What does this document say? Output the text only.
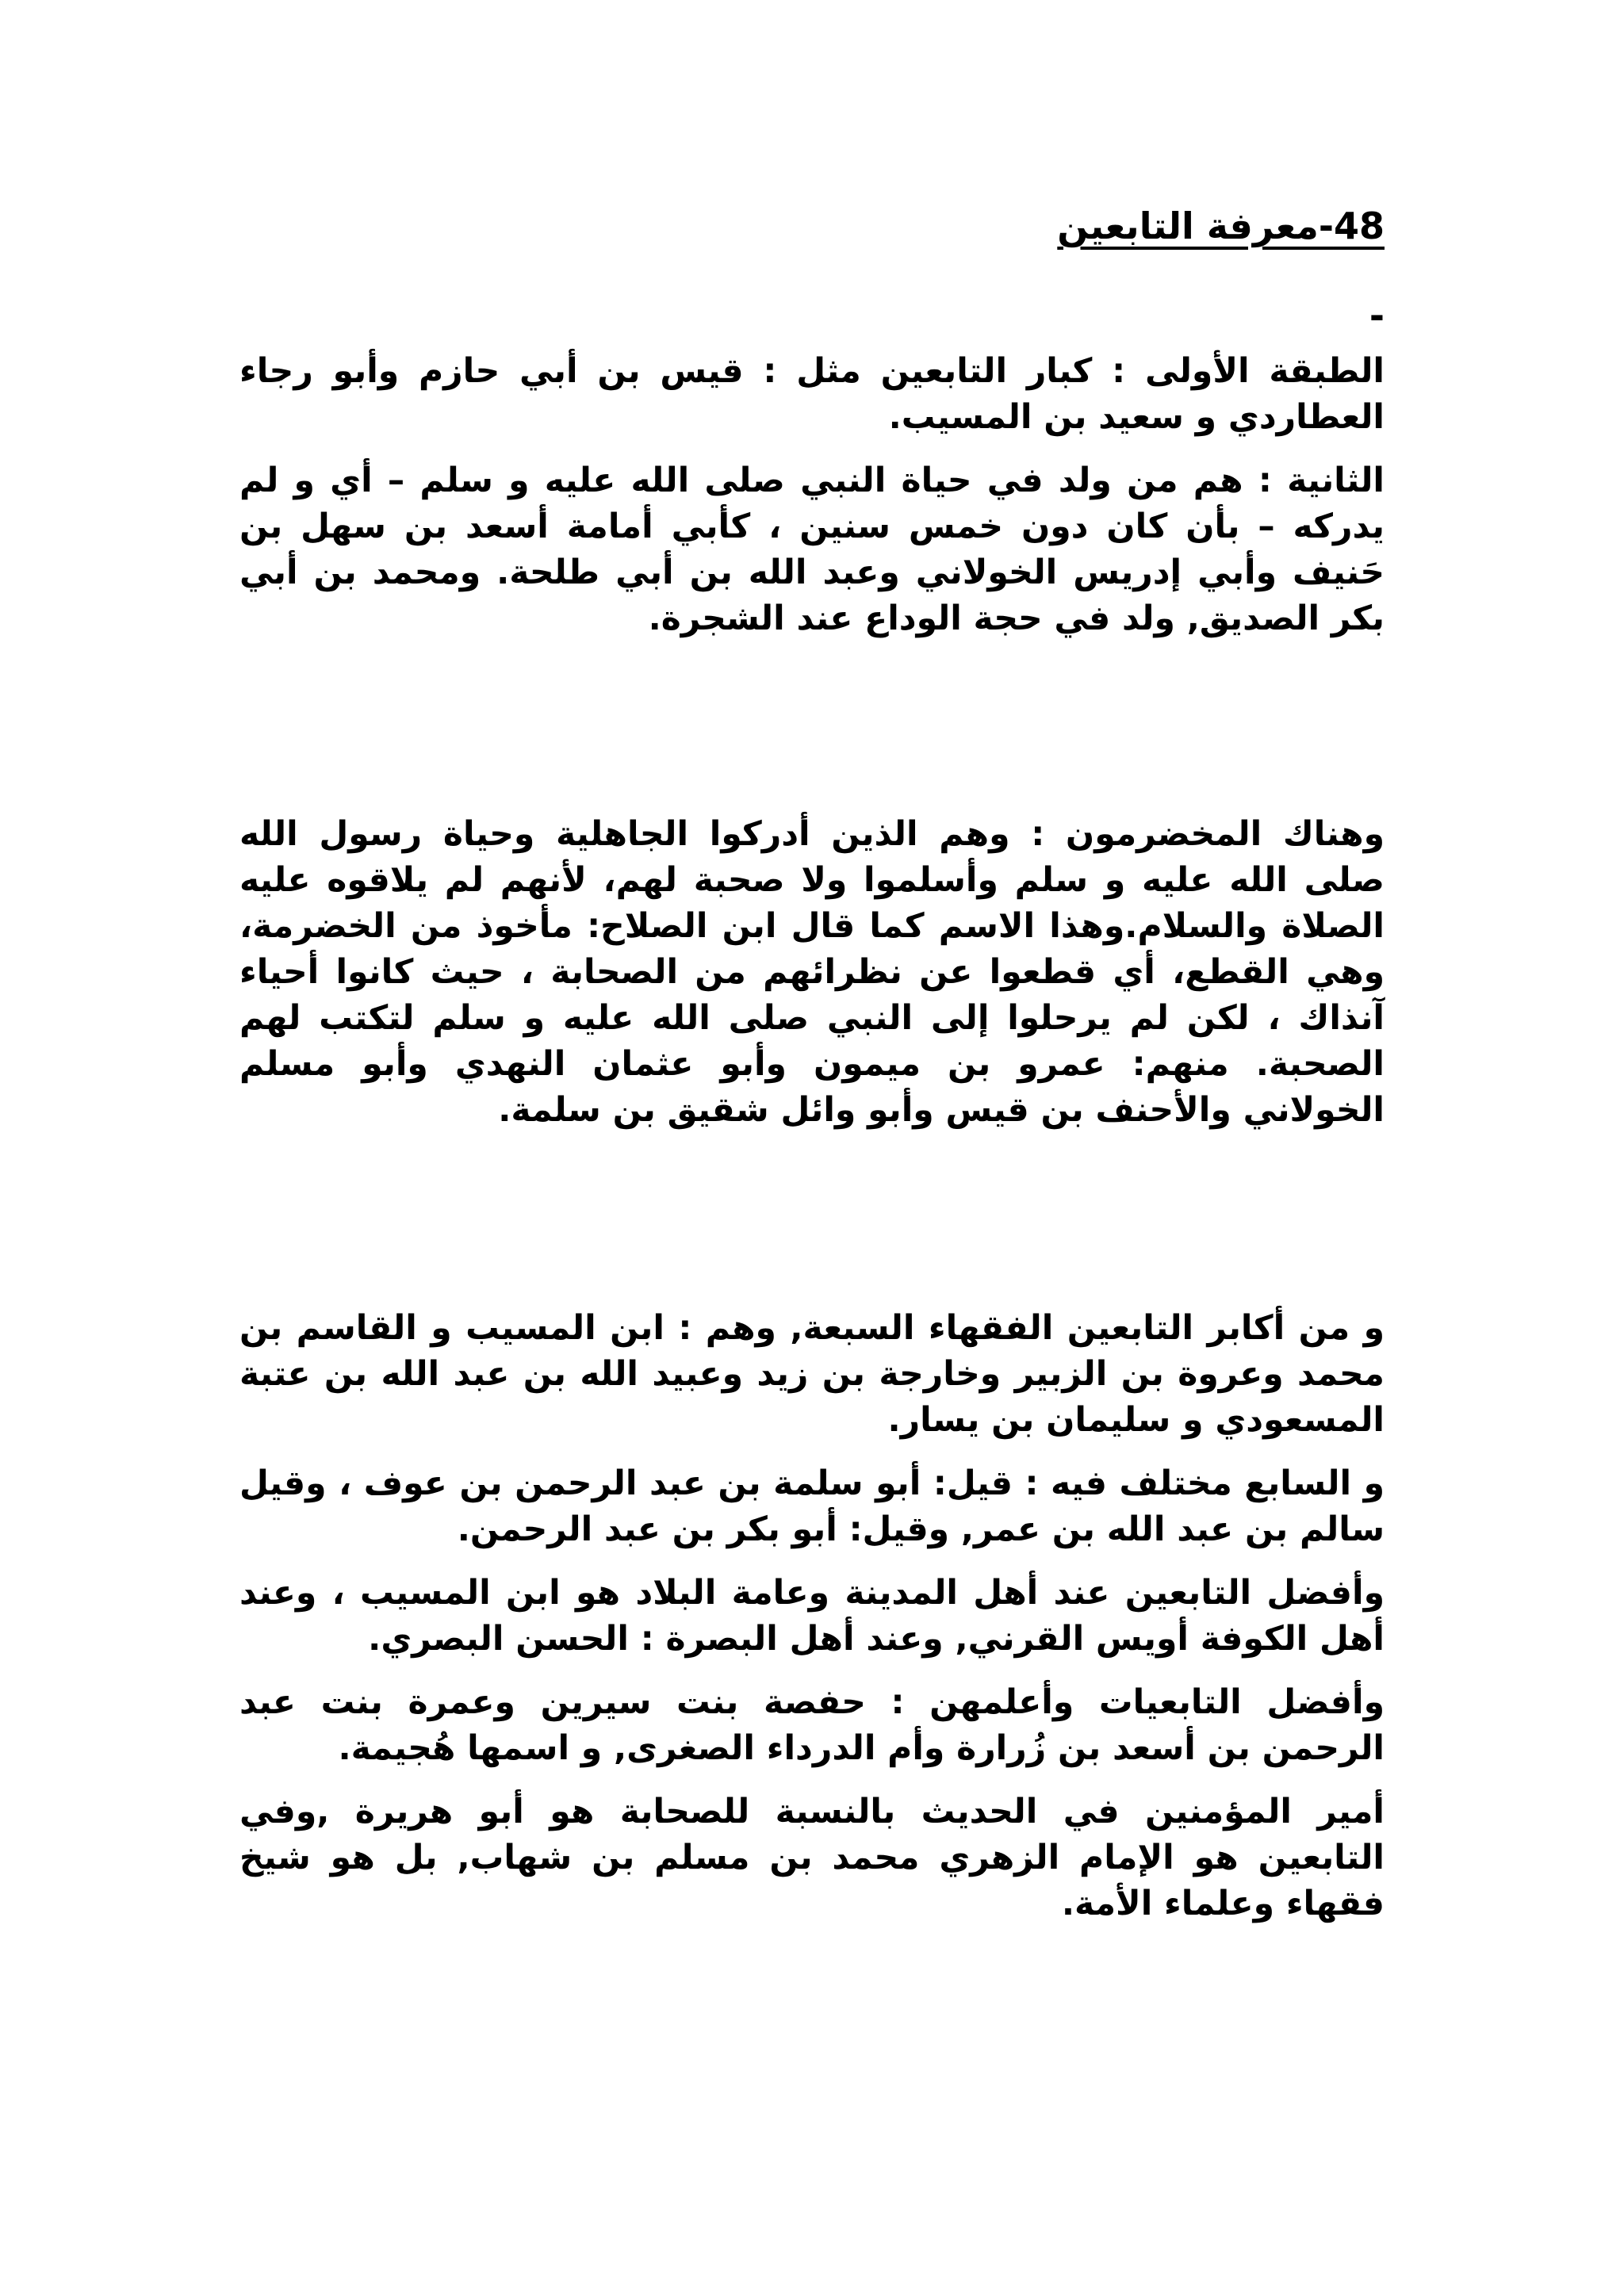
48-معرفة التابعين
-

الطبقة الأولى : كبار التابعين مثل : قيس بن أبي حازم وأبو رجاء العطاردي و سعيد بن المسيب.

الثانية : هم من ولد في حياة النبي صلى الله عليه و سلم – أي و لم يدركه – بأن كان دون خمس سنين ، كأبي أمامة أسعد بن سهل بن حَنيف وأبي إدريس الخولاني وعبد الله بن أبي طلحة. ومحمد بن أبي بكر الصديق, ولد في حجة الوداع عند الشجرة.

وهناك المخضرمون : وهم الذين أدركوا الجاهلية وحياة رسول الله صلى الله عليه و سلم وأسلموا ولا صحبة لهم، لأنهم لم يلاقوه عليه الصلاة والسلام.وهذا الاسم كما قال ابن الصلاح: مأخوذ من الخضرمة، وهي القطع، أي قطعوا عن نظرائهم من الصحابة ، حيث كانوا أحياء آنذاك ، لكن لم يرحلوا إلى النبي صلى الله عليه و سلم لتكتب لهم الصحبة. منهم: عمرو بن ميمون وأبو عثمان النهدي وأبو مسلم الخولاني والأحنف بن قيس وأبو وائل شقيق بن سلمة.

و من أكابر التابعين الفقهاء السبعة, وهم : ابن المسيب و القاسم بن محمد وعروة بن الزبير وخارجة بن زيد وعبيد الله بن عبد الله بن عتبة المسعودي و سليمان بن يسار.

و السابع مختلف فيه : قيل: أبو سلمة بن عبد الرحمن بن عوف ، وقيل سالم بن عبد الله بن عمر, وقيل: أبو بكر بن عبد الرحمن.

وأفضل التابعين عند أهل المدينة وعامة البلاد هو ابن المسيب ، وعند أهل الكوفة أويس القرني, وعند أهل البصرة : الحسن البصري.

وأفضل التابعيات وأعلمهن : حفصة بنت سيرين وعمرة بنت عبد الرحمن بن أسعد بن زُرارة وأم الدرداء الصغرى, و اسمها هُجيمة.

أمير المؤمنين في الحديث بالنسبة للصحابة هو أبو هريرة ,وفي التابعين هو الإمام الزهري محمد بن مسلم بن شهاب, بل هو شيخ فقهاء وعلماء الأمة.
